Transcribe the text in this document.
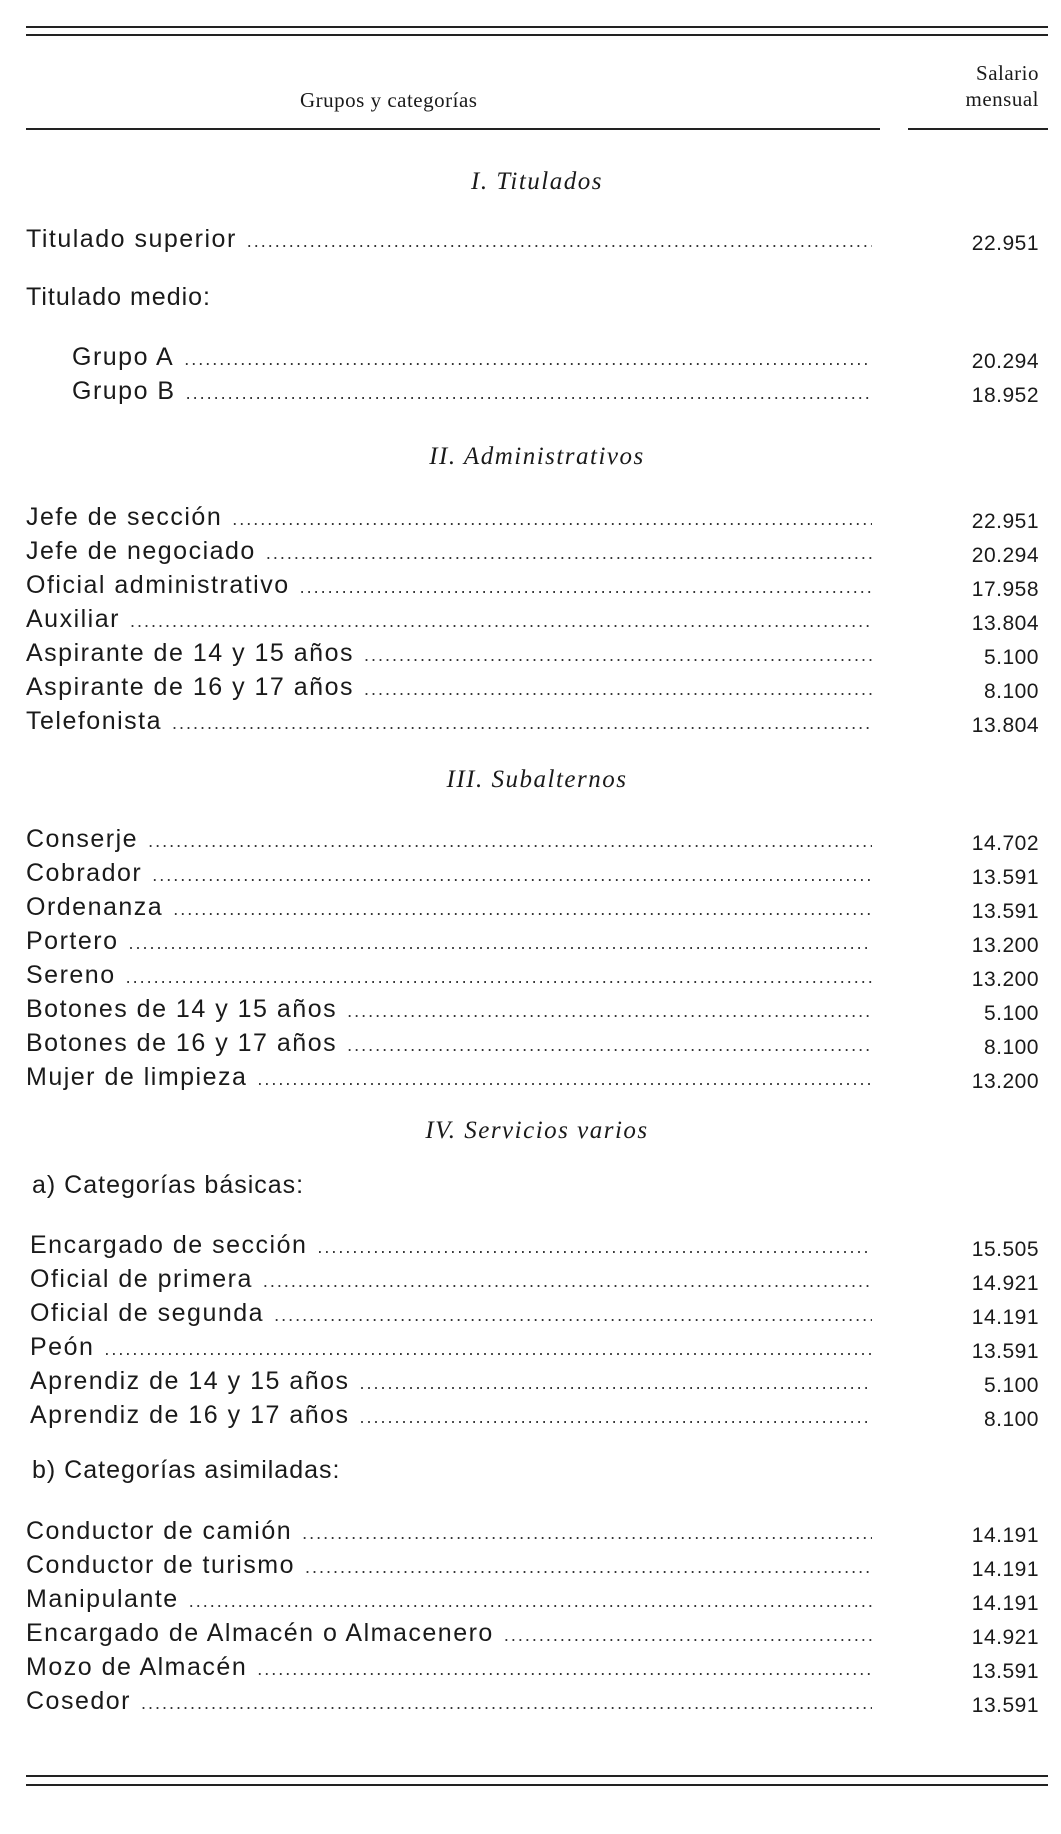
Grupos y categorías
Salario
mensual
I. Titulados
Titulado superior .....	22.951
Titulado medio:
Grupo A .....	20.294
Grupo B .....	18.952
II. Administrativos
Jefe de sección .....	22.951
Jefe de negociado .....	20.294
Oficial administrativo .....	17.958
Auxiliar .....	13.804
Aspirante de 14 y 15 años .....	5.100
Aspirante de 16 y 17 años .....	8.100
Telefonista .....	13.804
III. Subalternos
Conserje .....	14.702
Cobrador .....	13.591
Ordenanza .....	13.591
Portero .....	13.200
Sereno .....	13.200
Botones de 14 y 15 años .....	5.100
Botones de 16 y 17 años .....	8.100
Mujer de limpieza .....	13.200
IV. Servicios varios
a) Categorías básicas:
Encargado de sección .....	15.505
Oficial de primera .....	14.921
Oficial de segunda .....	14.191
Peón .....	13.591
Aprendiz de 14 y 15 años .....	5.100
Aprendiz de 16 y 17 años .....	8.100
b) Categorías asimiladas:
Conductor de camión .....	14.191
Conductor de turismo .....	14.191
Manipulante .....	14.191
Encargado de Almacén o Almacenero .....	14.921
Mozo de Almacén .....	13.591
Cosedor .....	13.591
